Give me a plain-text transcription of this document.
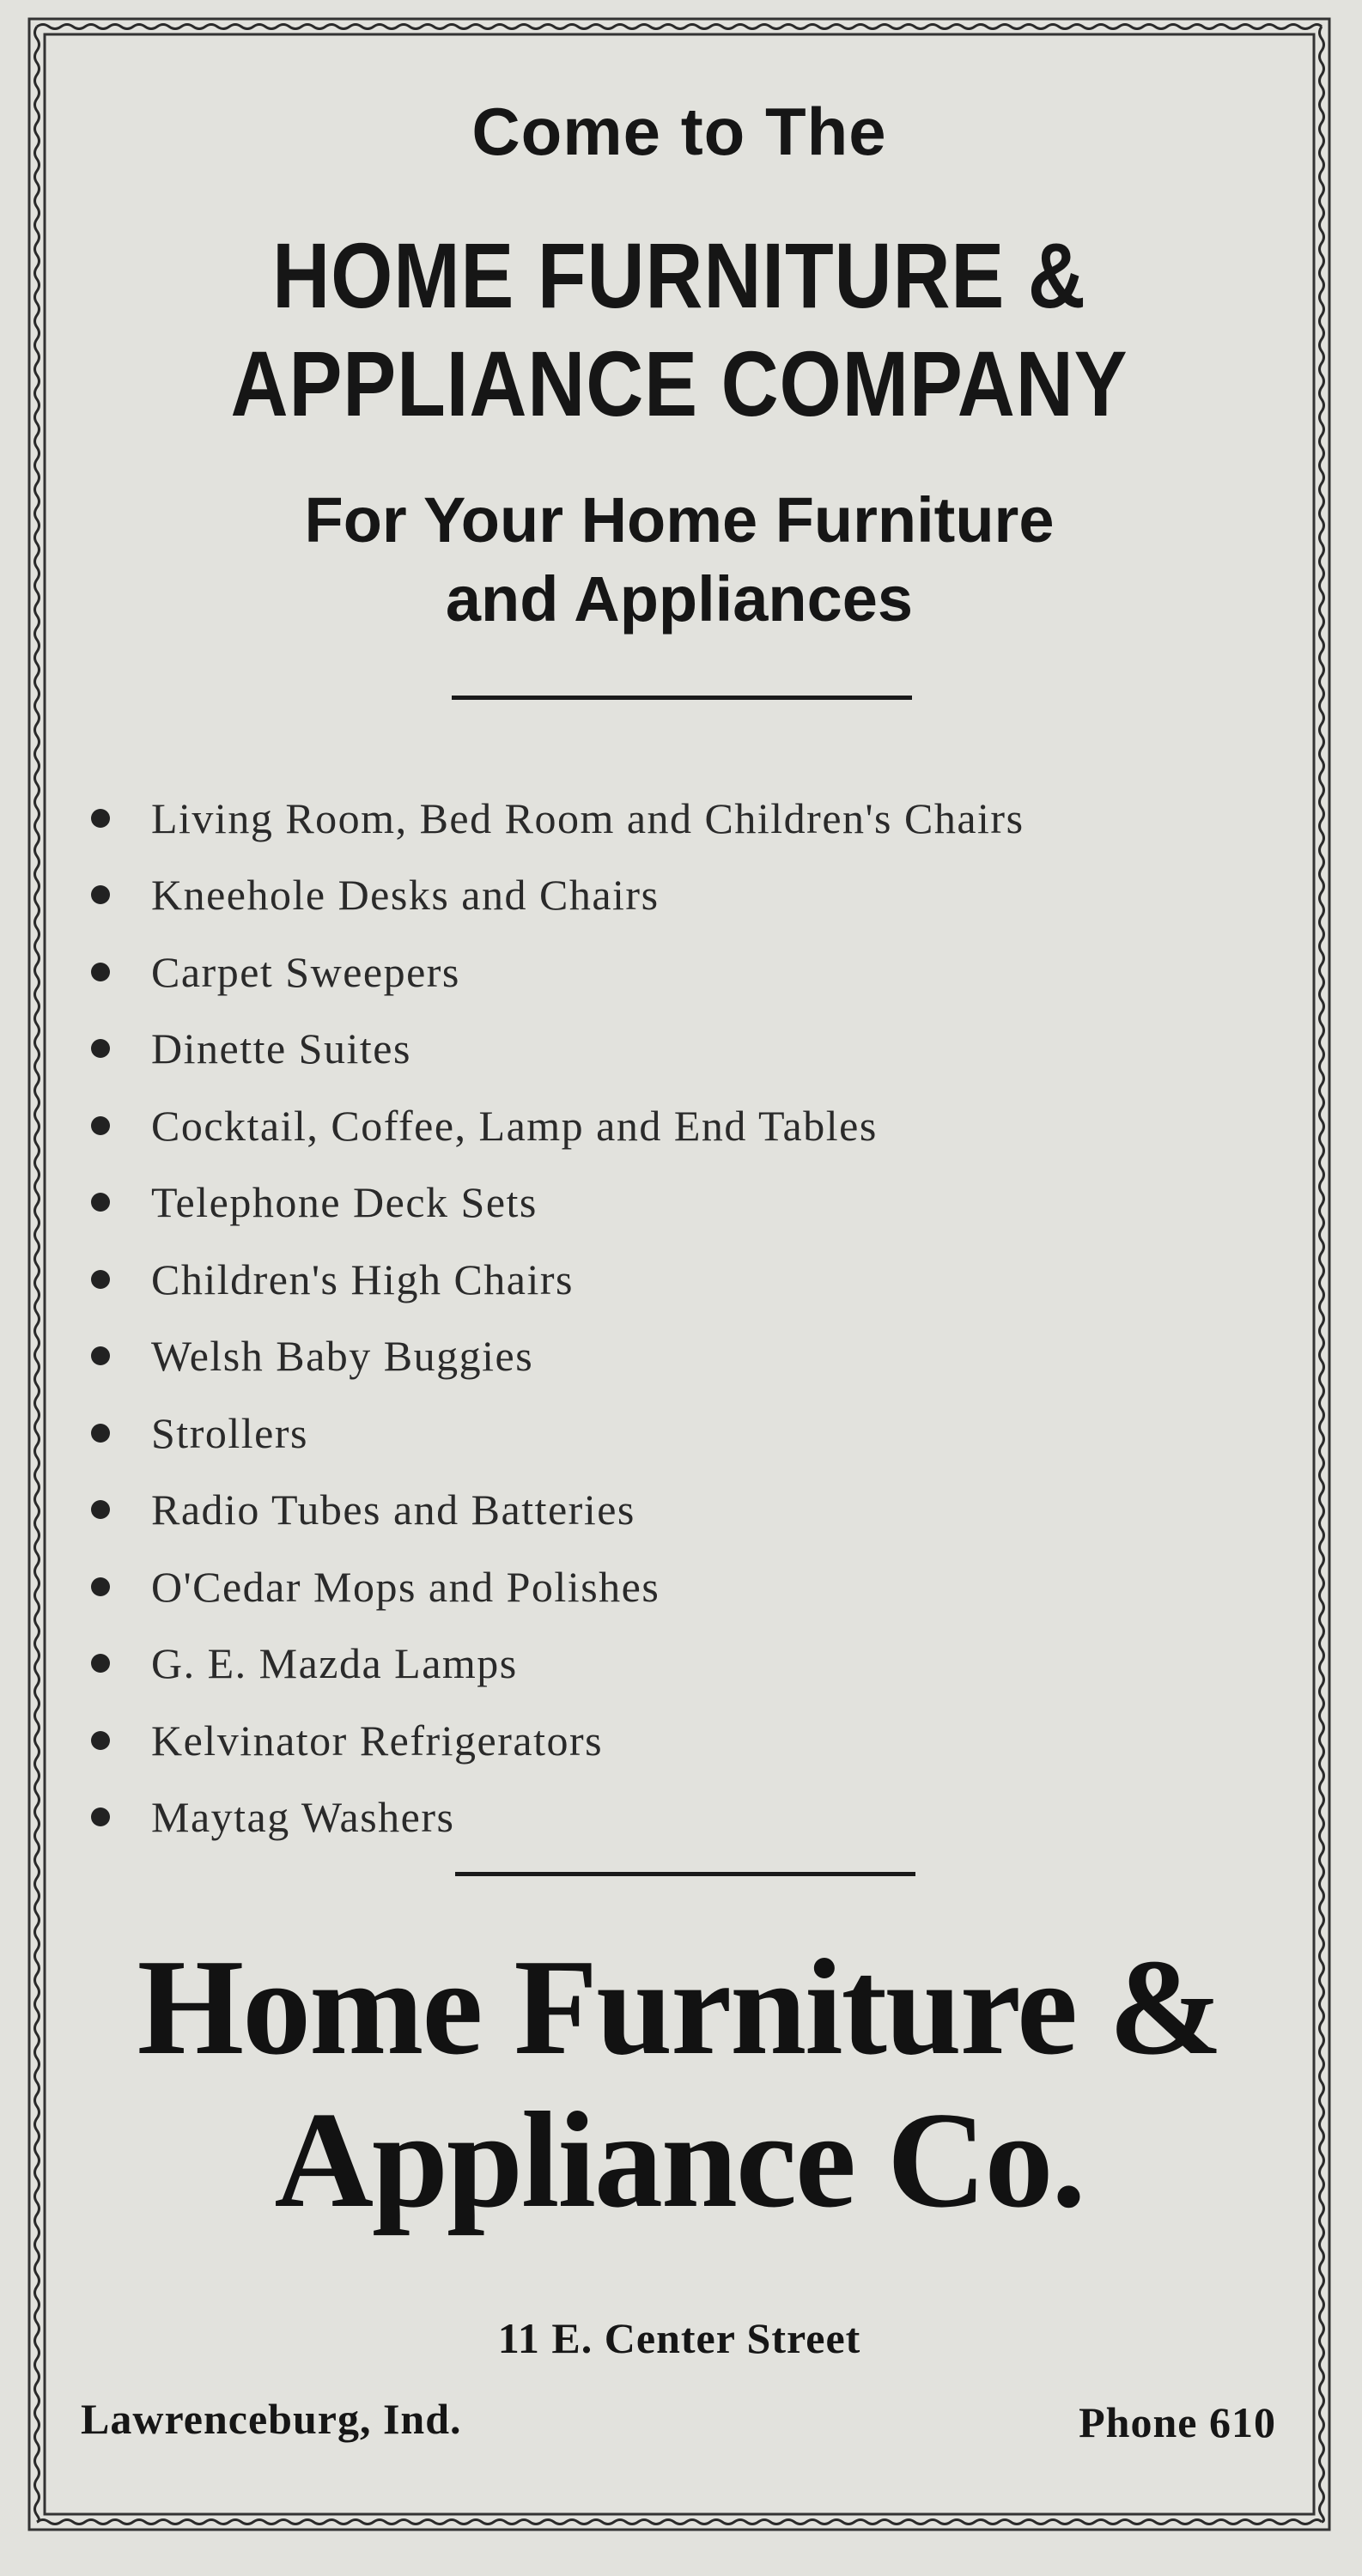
Come to The
HOME FURNITURE &
APPLIANCE COMPANY
For Your Home Furniture
and Appliances
Living Room, Bed Room and Children's Chairs
Kneehole Desks and Chairs
Carpet Sweepers
Dinette Suites
Cocktail, Coffee, Lamp and End Tables
Telephone Deck Sets
Children's High Chairs
Welsh Baby Buggies
Strollers
Radio Tubes and Batteries
O'Cedar Mops and Polishes
G. E. Mazda Lamps
Kelvinator Refrigerators
Maytag Washers
Home Furniture &
Appliance Co.
11 E. Center Street
Lawrenceburg, Ind.	Phone 610
